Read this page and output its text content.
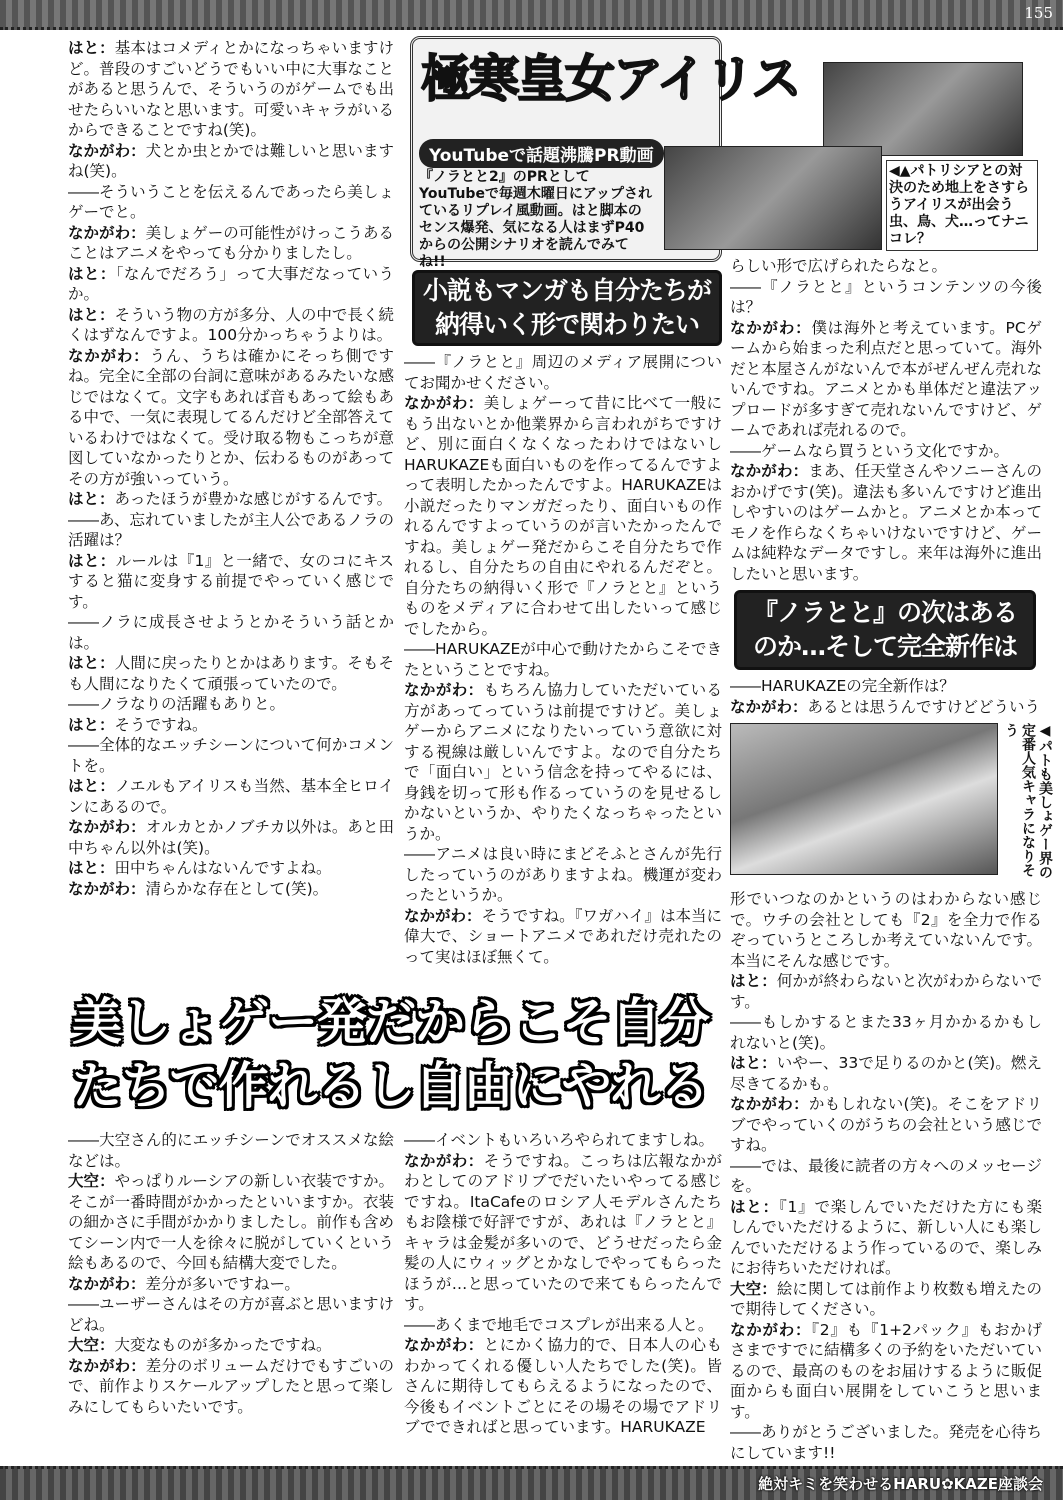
155

はと：基本はコメディとかになっちゃいますけど。普段のすごいどうでもいい中に大事なことがあると思うんで、そういうのがゲームでも出せたらいいなと思います。可愛いキャラがいるからできることですね(笑)。

なかがわ：犬とか虫とかでは難しいと思いますね(笑)。

――そういうことを伝えるんであったら美しょゲーでと。

なかがわ：美しょゲーの可能性がけっこうあることはアニメをやっても分かりましたし。

はと：「なんでだろう」って大事だなっていうか。

はと：そういう物の方が多分、人の中で長く続くはずなんですよ。100分かっちゃうよりは。

なかがわ：うん、うちは確かにそっち側ですね。完全に全部の台詞に意味があるみたいな感じではなくて。文字もあれば音もあって絵もある中で、一気に表現してるんだけど全部答えているわけではなくて。受け取る物もこっちが意図していなかったりとか、伝わるものがあってその方が強いっていう。

はと：あったほうが豊かな感じがするんです。

――あ、忘れていましたが主人公であるノラの活躍は？

はと：ルールは『1』と一緒で、女のコにキスすると猫に変身する前提でやっていく感じです。

――ノラに成長させようとかそういう話とかは。

はと：人間に戻ったりとかはあります。そもそも人間になりたくて頑張っていたので。

――ノラなりの活躍もありと。

はと：そうですね。

――全体的なエッチシーンについて何かコメントを。

はと：ノエルもアイリスも当然、基本全ヒロインにあるので。

なかがわ：オルカとかノブチカ以外は。あと田中ちゃん以外は(笑)。

はと：田中ちゃんはないんですよね。

なかがわ：清らかな存在として(笑)。

極寒皇女アイリス
YouTubeで話題沸騰PR動画
『ノラとと2』のPRとしてYouTubeで毎週木曜日にアップされているリプレイ風動画。はと脚本のセンス爆発、気になる人はまずP40からの公開シナリオを読んでみてね!!
◀▲パトリシアとの対決のため地上をさすらうアイリスが出会う虫、鳥、犬…ってナニコレ？
小説もマンガも自分たちが
納得いく形で関わりたい

――『ノラとと』周辺のメディア展開についてお聞かせください。

なかがわ：美しょゲーって昔に比べて一般にもう出ないとか他業界から言われがちですけど、別に面白くなくなったわけではないしHARUKAZEも面白いものを作ってるんですよって表明したかったんですよ。HARUKAZEは小説だったりマンガだったり、面白いもの作れるんですよっていうのが言いたかったんですね。美しょゲー発だからこそ自分たちで作れるし、自分たちの自由にやれるんだぞと。自分たちの納得いく形で『ノラとと』というものをメディアに合わせて出したいって感じでしたから。

――HARUKAZEが中心で動けたからこそできたということですね。

なかがわ：もちろん協力していただいている方があってっていうは前提ですけど。美しょゲーからアニメになりたいっていう意欲に対する視線は厳しいんですよ。なので自分たちで「面白い」という信念を持ってやるには、身銭を切って形も作るっていうのを見せるしかないというか、やりたくなっちゃったというか。

――アニメは良い時にまどそふとさんが先行したっていうのがありますよね。機運が変わったというか。

なかがわ：そうですね。『ワガハイ』は本当に偉大で、ショートアニメであれだけ売れたのって実はほぼ無くて。

らしい形で広げられたらなと。

――『ノラとと』というコンテンツの今後は？

なかがわ：僕は海外と考えています。PCゲームから始まった利点だと思っていて。海外だと本屋さんがないんで本がぜんぜん売れないんですね。アニメとかも単体だと違法アップロードが多すぎて売れないんですけど、ゲームであれば売れるので。

――ゲームなら買うという文化ですか。

なかがわ：まあ、任天堂さんやソニーさんのおかげです(笑)。違法も多いんですけど進出しやすいのはゲームかと。アニメとか本ってモノを作らなくちゃいけないですけど、ゲームは純粋なデータですし。来年は海外に進出したいと思います。

『ノラとと』の次はある
のか…そして完全新作は

――HARUKAZEの完全新作は？

なかがわ：あるとは思うんですけどどういう

◀パトも美しょゲー界の定番人気キャラになりそう

形でいつなのかというのはわからない感じで。ウチの会社としても『2』を全力で作るぞっていうところしか考えていないんです。本当にそんな感じです。

はと：何かが終わらないと次がわからないです。

――もしかするとまた33ヶ月かかるかもしれないと(笑)。

はと：いやー、33で足りるのかと(笑)。燃え尽きてるかも。

なかがわ：かもしれない(笑)。そこをアドリブでやっていくのがうちの会社という感じですね。

――では、最後に読者の方々へのメッセージを。

はと：『1』で楽しんでいただけた方にも楽しんでいただけるように、新しい人にも楽しんでいただけるよう作っているので、楽しみにお待ちいただければ。

大空：絵に関しては前作より枚数も増えたので期待してください。

なかがわ：『2』も『1+2パック』もおかげさまですでに結構多くの予約をいただいているので、最高のものをお届けするように販促面からも面白い展開をしていこうと思います。

――ありがとうございました。発売を心待ちにしています!!

美しょゲー発だからこそ自分
たちで作れるし自由にやれる

――大空さん的にエッチシーンでオススメな絵などは。

大空：やっぱりルーシアの新しい衣装ですか。そこが一番時間がかかったといいますか。衣装の細かさに手間がかかりましたし。前作も含めてシーン内で一人を徐々に脱がしていくという絵もあるので、今回も結構大変でした。

なかがわ：差分が多いですねー。

――ユーザーさんはその方が喜ぶと思いますけどね。

大空：大変なものが多かったですね。

なかがわ：差分のボリュームだけでもすごいので、前作よりスケールアップしたと思って楽しみにしてもらいたいです。

――イベントもいろいろやられてますしね。

なかがわ：そうですね。こっちは広報なかがわとしてのアドリブでだいたいやってる感じですね。ItaCafeのロシア人モデルさんたちもお陰様で好評ですが、あれは『ノラとと』キャラは金髪が多いので、どうせだったら金髪の人にウィッグとかなしでやってもらったほうが…と思っていたので来てもらったんです。

――あくまで地毛でコスプレが出来る人と。

なかがわ：とにかく協力的で、日本人の心もわかってくれる優しい人たちでした(笑)。皆さんに期待してもらえるようになったので、今後もイベントごとにその場その場でアドリブでできればと思っています。HARUKAZE

絶対キミを笑わせるHARU✿KAZE座談会
